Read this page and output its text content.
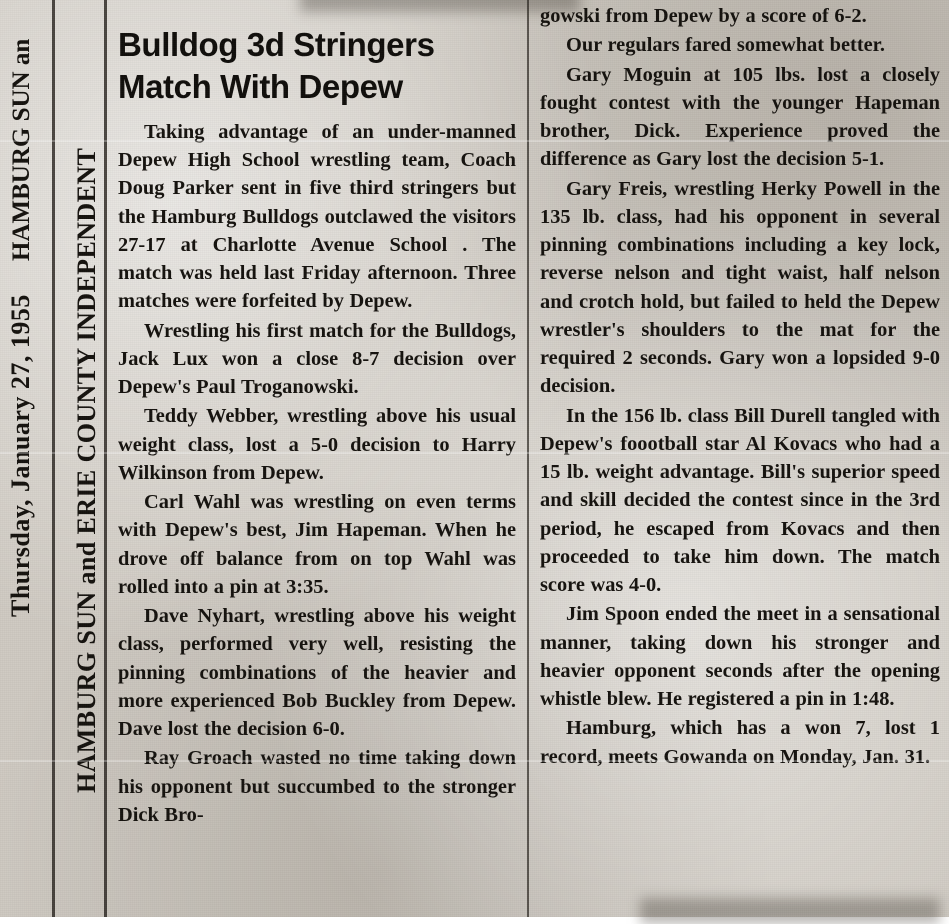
Thursday, January 27, 1955
HAMBURG SUN an	HAMBURG SUN and ERIE COUNTY INDEPENDENT
Bulldog 3d Stringers
Match With Depew

Taking advantage of an under-manned Depew High School wrestling team, Coach Doug Parker sent in five third stringers but the Hamburg Bulldogs outclawed the visitors 27-17 at Charlotte Avenue School . The match was held last Friday afternoon. Three matches were forfeited by Depew.

Wrestling his first match for the Bulldogs, Jack Lux won a close 8-7 decision over Depew's Paul Troganowski.

Teddy Webber, wrestling above his usual weight class, lost a 5-0 decision to Harry Wilkinson from Depew.

Carl Wahl was wrestling on even terms with Depew's best, Jim Hapeman. When he drove off balance from on top Wahl was rolled into a pin at 3:35.

Dave Nyhart, wrestling above his weight class, performed very well, resisting the pinning combinations of the heavier and more experienced Bob Buckley from Depew. Dave lost the decision 6-0.

Ray Groach wasted no time taking down his opponent but succumbed to the stronger Dick Bro-

gowski from Depew by a score of 6-2.

Our regulars fared somewhat better.

Gary Moguin at 105 lbs. lost a closely fought contest with the younger Hapeman brother, Dick. Experience proved the difference as Gary lost the decision 5-1.

Gary Freis, wrestling Herky Powell in the 135 lb. class, had his opponent in several pinning combinations including a key lock, reverse nelson and tight waist, half nelson and crotch hold, but failed to held the Depew wrestler's shoulders to the mat for the required 2 seconds. Gary won a lopsided 9-0 decision.

In the 156 lb. class Bill Durell tangled with Depew's foootball star Al Kovacs who had a 15 lb. weight advantage. Bill's superior speed and skill decided the contest since in the 3rd period, he escaped from Kovacs and then proceeded to take him down. The match score was 4-0.

Jim Spoon ended the meet in a sensational manner, taking down his stronger and heavier opponent seconds after the opening whistle blew. He registered a pin in 1:48.

Hamburg, which has a won 7, lost 1 record, meets Gowanda on Monday, Jan. 31.
